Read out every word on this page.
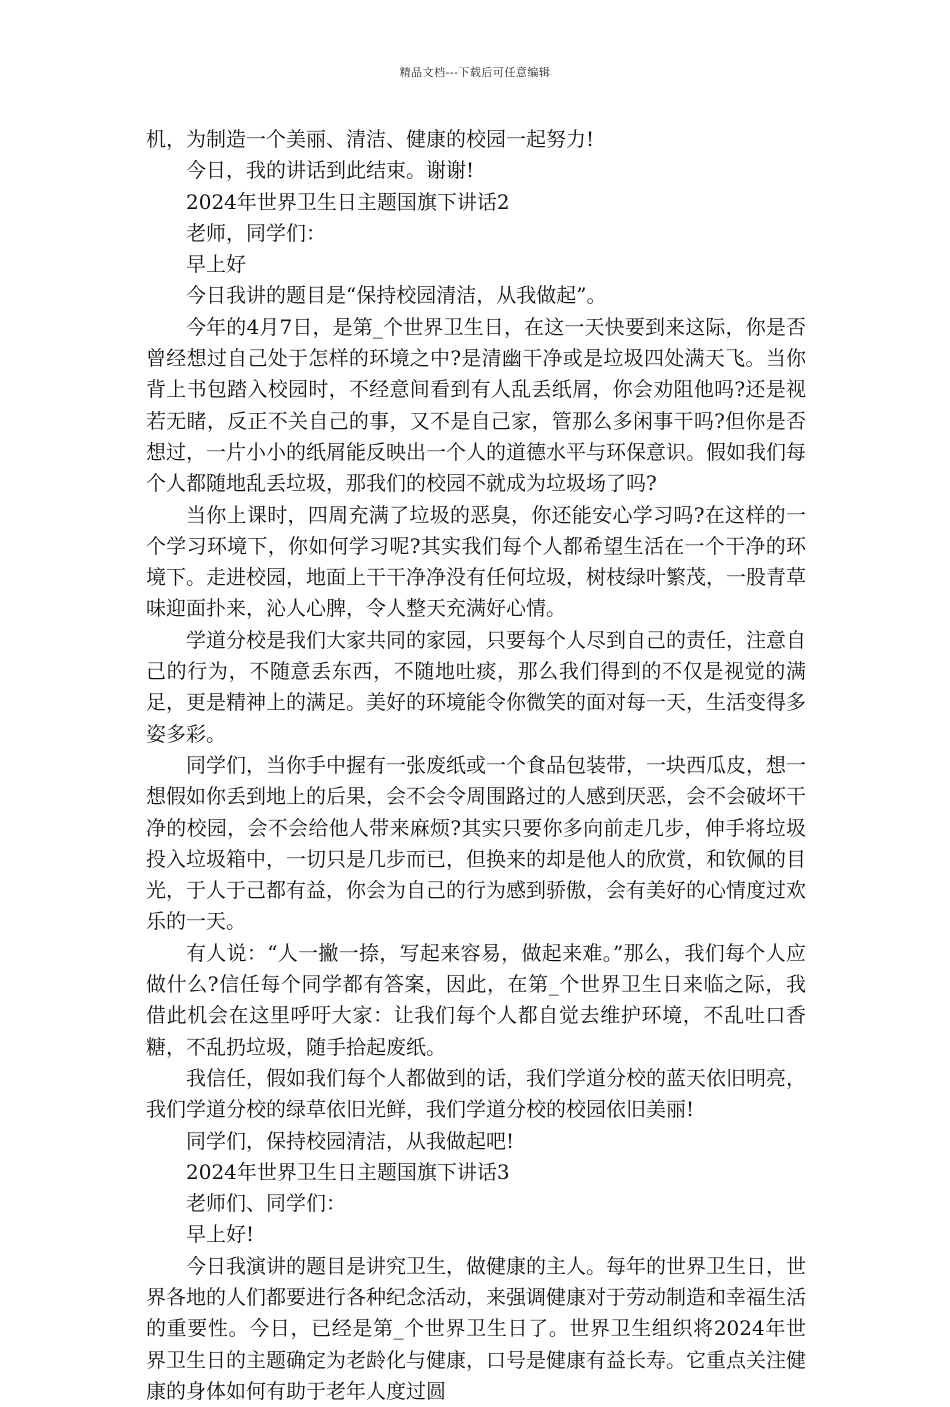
精品文档---下载后可任意编辑

机，为制造一个美丽、清洁、健康的校园一起努力!

今日，我的讲话到此结束。谢谢!

2024年世界卫生日主题国旗下讲话2

老师，同学们：

早上好

今日我讲的题目是“保持校园清洁，从我做起”。

今年的4月7日，是第_个世界卫生日，在这一天快要到来这际，你是否曾经想过自己处于怎样的环境之中?是清幽干净或是垃圾四处满天飞。当你背上书包踏入校园时，不经意间看到有人乱丢纸屑，你会劝阻他吗?还是视若无睹，反正不关自己的事，又不是自己家，管那么多闲事干吗?但你是否想过，一片小小的纸屑能反映出一个人的道德水平与环保意识。假如我们每个人都随地乱丢垃圾，那我们的校园不就成为垃圾场了吗?

当你上课时，四周充满了垃圾的恶臭，你还能安心学习吗?在这样的一个学习环境下，你如何学习呢?其实我们每个人都希望生活在一个干净的环境下。走进校园，地面上干干净净没有任何垃圾，树枝绿叶繁茂，一股青草味迎面扑来，沁人心脾，令人整天充满好心情。

学道分校是我们大家共同的家园，只要每个人尽到自己的责任，注意自己的行为，不随意丢东西，不随地吐痰，那么我们得到的不仅是视觉的满足，更是精神上的满足。美好的环境能令你微笑的面对每一天，生活变得多姿多彩。

同学们，当你手中握有一张废纸或一个食品包装带，一块西瓜皮，想一想假如你丢到地上的后果，会不会令周围路过的人感到厌恶，会不会破坏干净的校园，会不会给他人带来麻烦?其实只要你多向前走几步，伸手将垃圾投入垃圾箱中，一切只是几步而已，但换来的却是他人的欣赏，和钦佩的目光，于人于己都有益，你会为自己的行为感到骄傲，会有美好的心情度过欢乐的一天。

有人说：“人一撇一捺，写起来容易，做起来难。”那么，我们每个人应做什么?信任每个同学都有答案，因此，在第_个世界卫生日来临之际，我借此机会在这里呼吁大家：让我们每个人都自觉去维护环境，不乱吐口香糖，不乱扔垃圾，随手拾起废纸。

我信任，假如我们每个人都做到的话，我们学道分校的蓝天依旧明亮，我们学道分校的绿草依旧光鲜，我们学道分校的校园依旧美丽!

同学们，保持校园清洁，从我做起吧!

2024年世界卫生日主题国旗下讲话3

老师们、同学们：

早上好!

今日我演讲的题目是讲究卫生，做健康的主人。每年的世界卫生日，世界各地的人们都要进行各种纪念活动，来强调健康对于劳动制造和幸福生活的重要性。今日，已经是第_个世界卫生日了。世界卫生组织将2024年世界卫生日的主题确定为老龄化与健康，口号是健康有益长寿。它重点关注健康的身体如何有助于老年人度过圆
